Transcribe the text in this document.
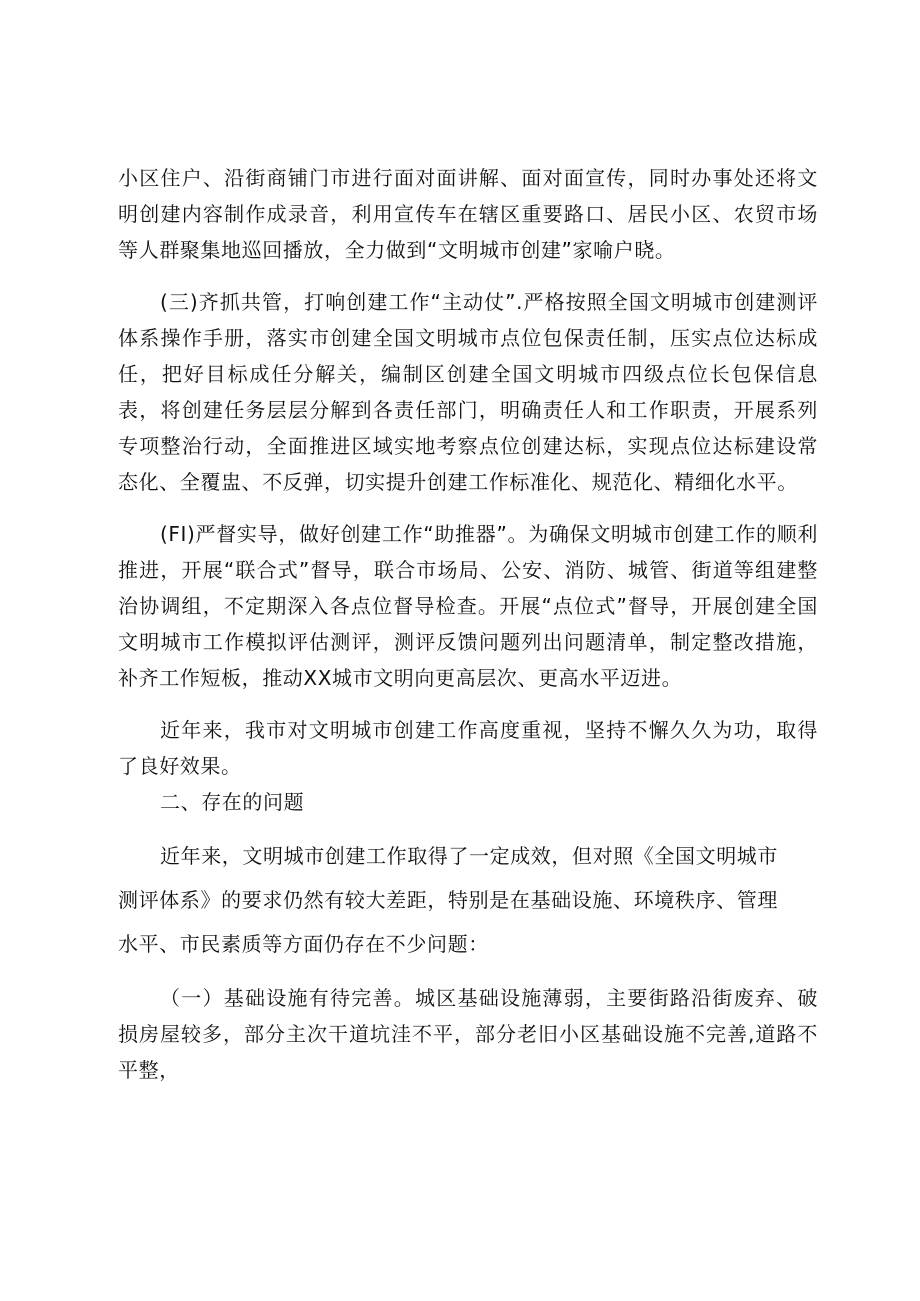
小区住户、沿街商铺门市进行面对面讲解、面对面宣传，同时办事处还将文明创建内容制作成录音，利用宣传车在辖区重要路口、居民小区、农贸市场等人群聚集地巡回播放，全力做到“文明城市创建”家喻户晓。

(三)齐抓共管，打响创建工作“主动仗”.严格按照全国文明城市创建测评体系操作手册，落实市创建全国文明城市点位包保责任制，压实点位达标成任，把好目标成任分解关，编制区创建全国文明城市四级点位长包保信息表，将创建任务层层分解到各责任部门，明确责任人和工作职责，开展系列专项整治行动，全面推进区域实地考察点位创建达标，实现点位达标建设常态化、全覆盅、不反弹，切实提升创建工作标准化、规范化、精细化水平。

(FI)严督实导，做好创建工作“助推器”。为确保文明城市创建工作的顺利推进，开展“联合式”督导，联合市场局、公安、消防、城管、街道等组建整治协调组，不定期深入各点位督导检查。开展“点位式”督导，开展创建全国文明城市工作模拟评估测评，测评反馈问题列出问题清单，制定整改措施，补齐工作短板，推动XX城市文明向更高层次、更高水平迈进。

近年来，我市对文明城市创建工作高度重视，坚持不懈久久为功，取得了良好效果。

二、存在的问题

近年来，文明城市创建工作取得了一定成效，但对照《全国文明城市测评体系》的要求仍然有较大差距，特别是在基础设施、环境秩序、管理水平、市民素质等方面仍存在不少问题：

（一）基础设施有待完善。城区基础设施薄弱，主要街路沿街废弃、破损房屋较多，部分主次干道坑洼不平，部分老旧小区基础设施不完善,道路不平整，
